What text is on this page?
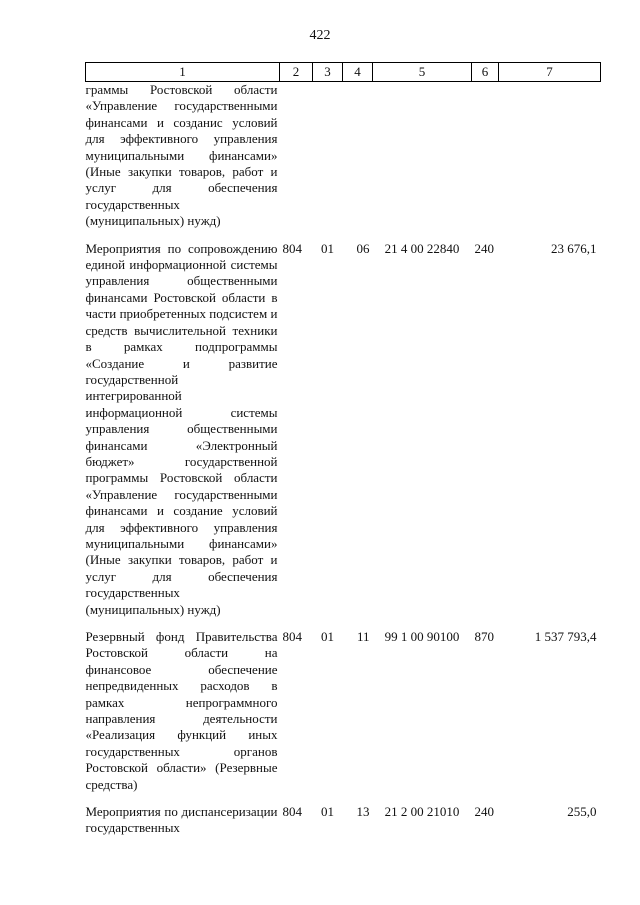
422
1	2	3	4	5	6	7
граммы Ростовской области «Управление государственными финансами и созданис условий для эффективного управления муниципальными финансами» (Иные закупки товаров, работ и услуг для обеспечения государственных (муниципальных) нужд)						
Мероприятия по сопровождению единой информационной системы управления общественными финансами Ростовской области в части приобретенных подсистем и средств вычислительной техники в рамках подпрограммы «Создание и развитие государственной интегрированной информационной системы управления общественными финансами «Электронный бюджет» государственной программы Ростовской области «Управление государственными финансами и создание условий для эффективного управления муниципальными финансами» (Иные закупки товаров, работ и услуг для обеспечения государственных (муниципальных) нужд)	804	01	06	21 4 00 22840	240	23 676,1
Резервный фонд Правительства Ростовской области на финансовое обеспечение непредвиденных расходов в рамках непрограммного направления деятельности «Реализация функций иных государственных органов Ростовской области» (Резервные средства)	804	01	11	99 1 00 90100	870	1 537 793,4
Мероприятия по диспансеризации государственных	804	01	13	21 2 00 21010	240	255,0
